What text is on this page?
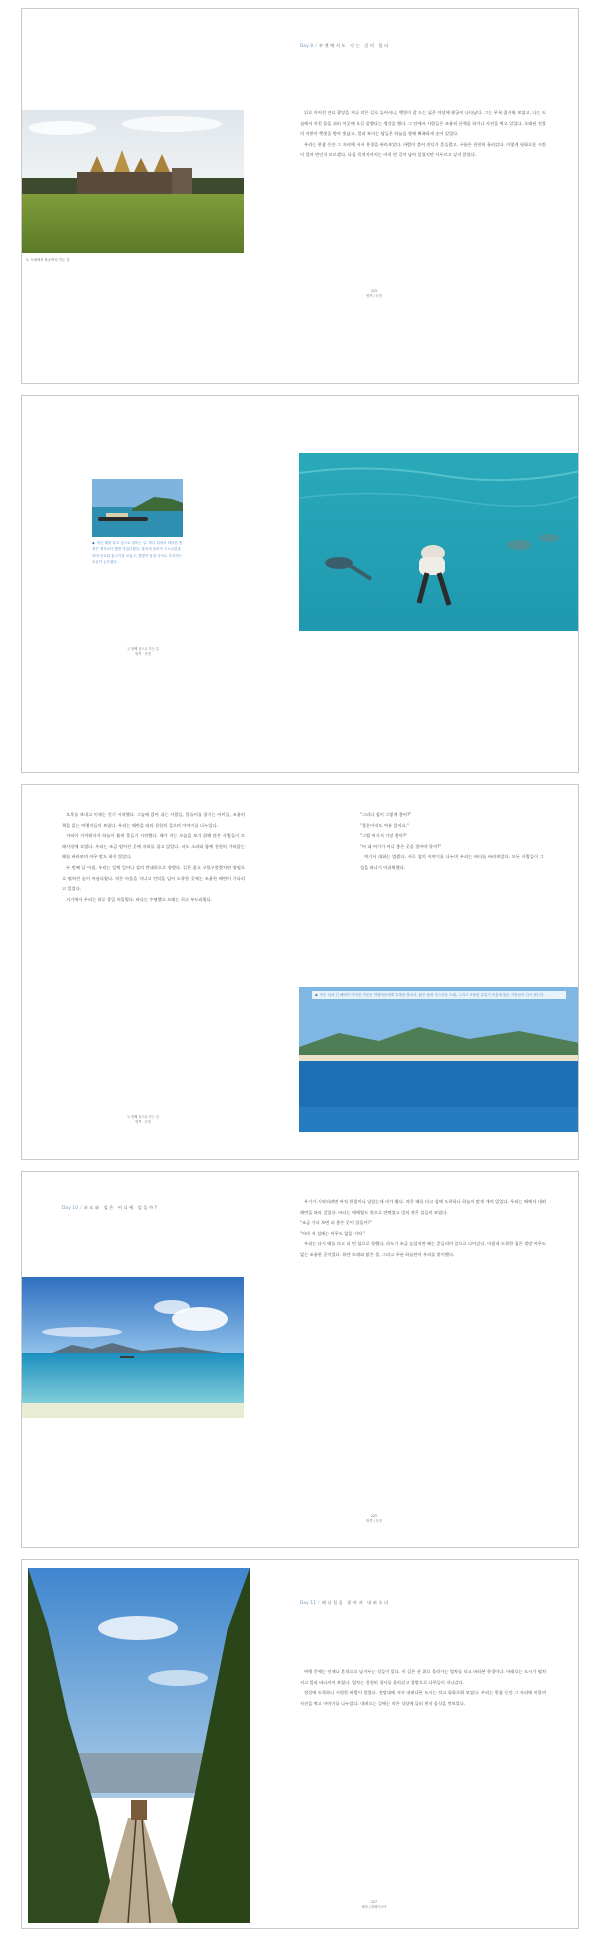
1. 시내에서 왕궁까지 가는 길
Day 8 / 푸켓에서도 가는 길이 멀다

뒤로 이어진 잔디 광장을 지나 작은 길로 들어서니, 햇빛이 잘 드는 넓은 마당에 왕궁이 나타났다. 그는 무척 즐거워 보였고, 나는 도심에서 지친 몸을 쉬러 이곳에 오길 잘했다는 생각을 했다. 그 안에서 사람들은 조용히 산책을 하거나 사진을 찍고 있었다. 오래된 건물의 지붕이 햇빛을 받아 빛났고, 멀리 보이는 탑들은 하늘을 향해 뾰족하게 솟아 있었다.

우리는 한참 동안 그 자리에 서서 풍경을 바라보았다. 바람이 불어 잔디가 흔들렸고, 구름은 천천히 흘러갔다. 이렇게 평화로운 시간이 얼마 만인지 모르겠다. 다음 목적지까지는 아직 먼 길이 남아 있었지만 서두르고 싶지 않았다.

223
방콕 / 푸켓
◆ 작은 배를 타고 섬으로 향하는 길. 바다 위에서 바라본 풍경은 생각보다 훨씬 아름다웠다. 물속에 들어가 스노클링을 하며 산호와 물고기를 보았고, 햇빛이 물결 사이로 부서지는 모습이 눈부셨다.
두 번째 섬으로 가는 길
방콕 · 푸켓

오후를 보내고 이제는 걷기 시작했다. 그늘에 앉아 쉬는 사람들, 물놀이를 즐기는 아이들, 조용히 책을 읽는 여행자들이 보였다. 우리는 해변을 따라 천천히 걸으며 이야기를 나누었다.

저녁이 가까워지자 하늘이 붉게 물들기 시작했다. 해가 지는 모습을 보기 위해 많은 사람들이 모래사장에 모였다. 우리는 조금 떨어진 곳에 자리를 잡고 앉았다. 파도 소리와 함께 천천히 가라앉는 해를 바라보며 아무 말도 하지 않았다.

두 번째 날 아침, 우리는 일찍 일어나 섬의 반대편으로 향했다. 길은 좁고 구불구불했지만 양옆으로 펼쳐진 숲이 아름다웠다. 작은 마을을 지나고 언덕을 넘어 도착한 곳에는 조용한 해변이 기다리고 있었다.

거기에서 우리는 하루 종일 머물렀다. 바다는 투명했고 모래는 희고 부드러웠다.

두 번째 섬으로 가는 길
방콕 · 푸켓

"그리다 섬이 그렇게 좋아?"

"물론이지도 여유 있어요."

"그럼 여기서 가장 좋아?"

"아 네 여기가 어디 좋은 곳을 찾아야 할까?"

여기서 대화는 멈췄다. 서로 섬의 이야기를 나누며 우리는 바다를 바라보았다. 모든 사람들이 그 섬을 떠나기 아쉬워했다.

◆ 작은 섬과 긴 해변이 이어진 이곳은 여행자들에게 특별한 장소다. 맑은 물과 부드러운 모래, 그리고 조용한 분위기 덕분에 많은 사람들이 다시 찾는다.
Day 10 / 파도와 섬은 어디에 있을까?

우기가 시작되려면 아직 한참이나 남았는데 비가 왔다. 작은 배를 타고 섬에 도착하니 하늘이 맑게 개어 있었다. 우리는 배에서 내려 해변을 따라 걸었다. 바다는 에메랄드 빛으로 반짝였고 멀리 작은 섬들이 보였다.

"조금 가다 보면 더 좋은 곳이 있을까?"

"아마 저 섬에는 아무도 없을 거야."

우리는 다시 배를 타고 더 먼 섬으로 향했다. 파도가 조금 높았지만 배는 흔들리며 앞으로 나아갔다. 마침내 도착한 섬은 정말 아무도 없는 조용한 곳이었다. 하얀 모래와 맑은 물, 그리고 푸른 하늘만이 우리를 맞이했다.

225
방콕 / 푸켓
Day 11 / 페낭힐을 찾아서 내려오다

여행 중에는 언제나 흔적으로 남겨두는 것들이 있다. 이 길은 산 위로 올라가는 열차를 타고 바라본 풍경이다. 아래로는 도시가 펼쳐지고 멀리 바다까지 보였다. 열차는 천천히 경사를 올라갔고 창밖으로 나무들이 지나갔다.

정상에 도착하니 시원한 바람이 불었다. 전망대에 서서 내려다본 도시는 작고 평화로워 보였다. 우리는 한참 동안 그 자리에 머물며 사진을 찍고 이야기를 나누었다. 내려오는 길에는 작은 식당에 들러 현지 음식을 맛보았다.

227
페낭 / 말레이시아
